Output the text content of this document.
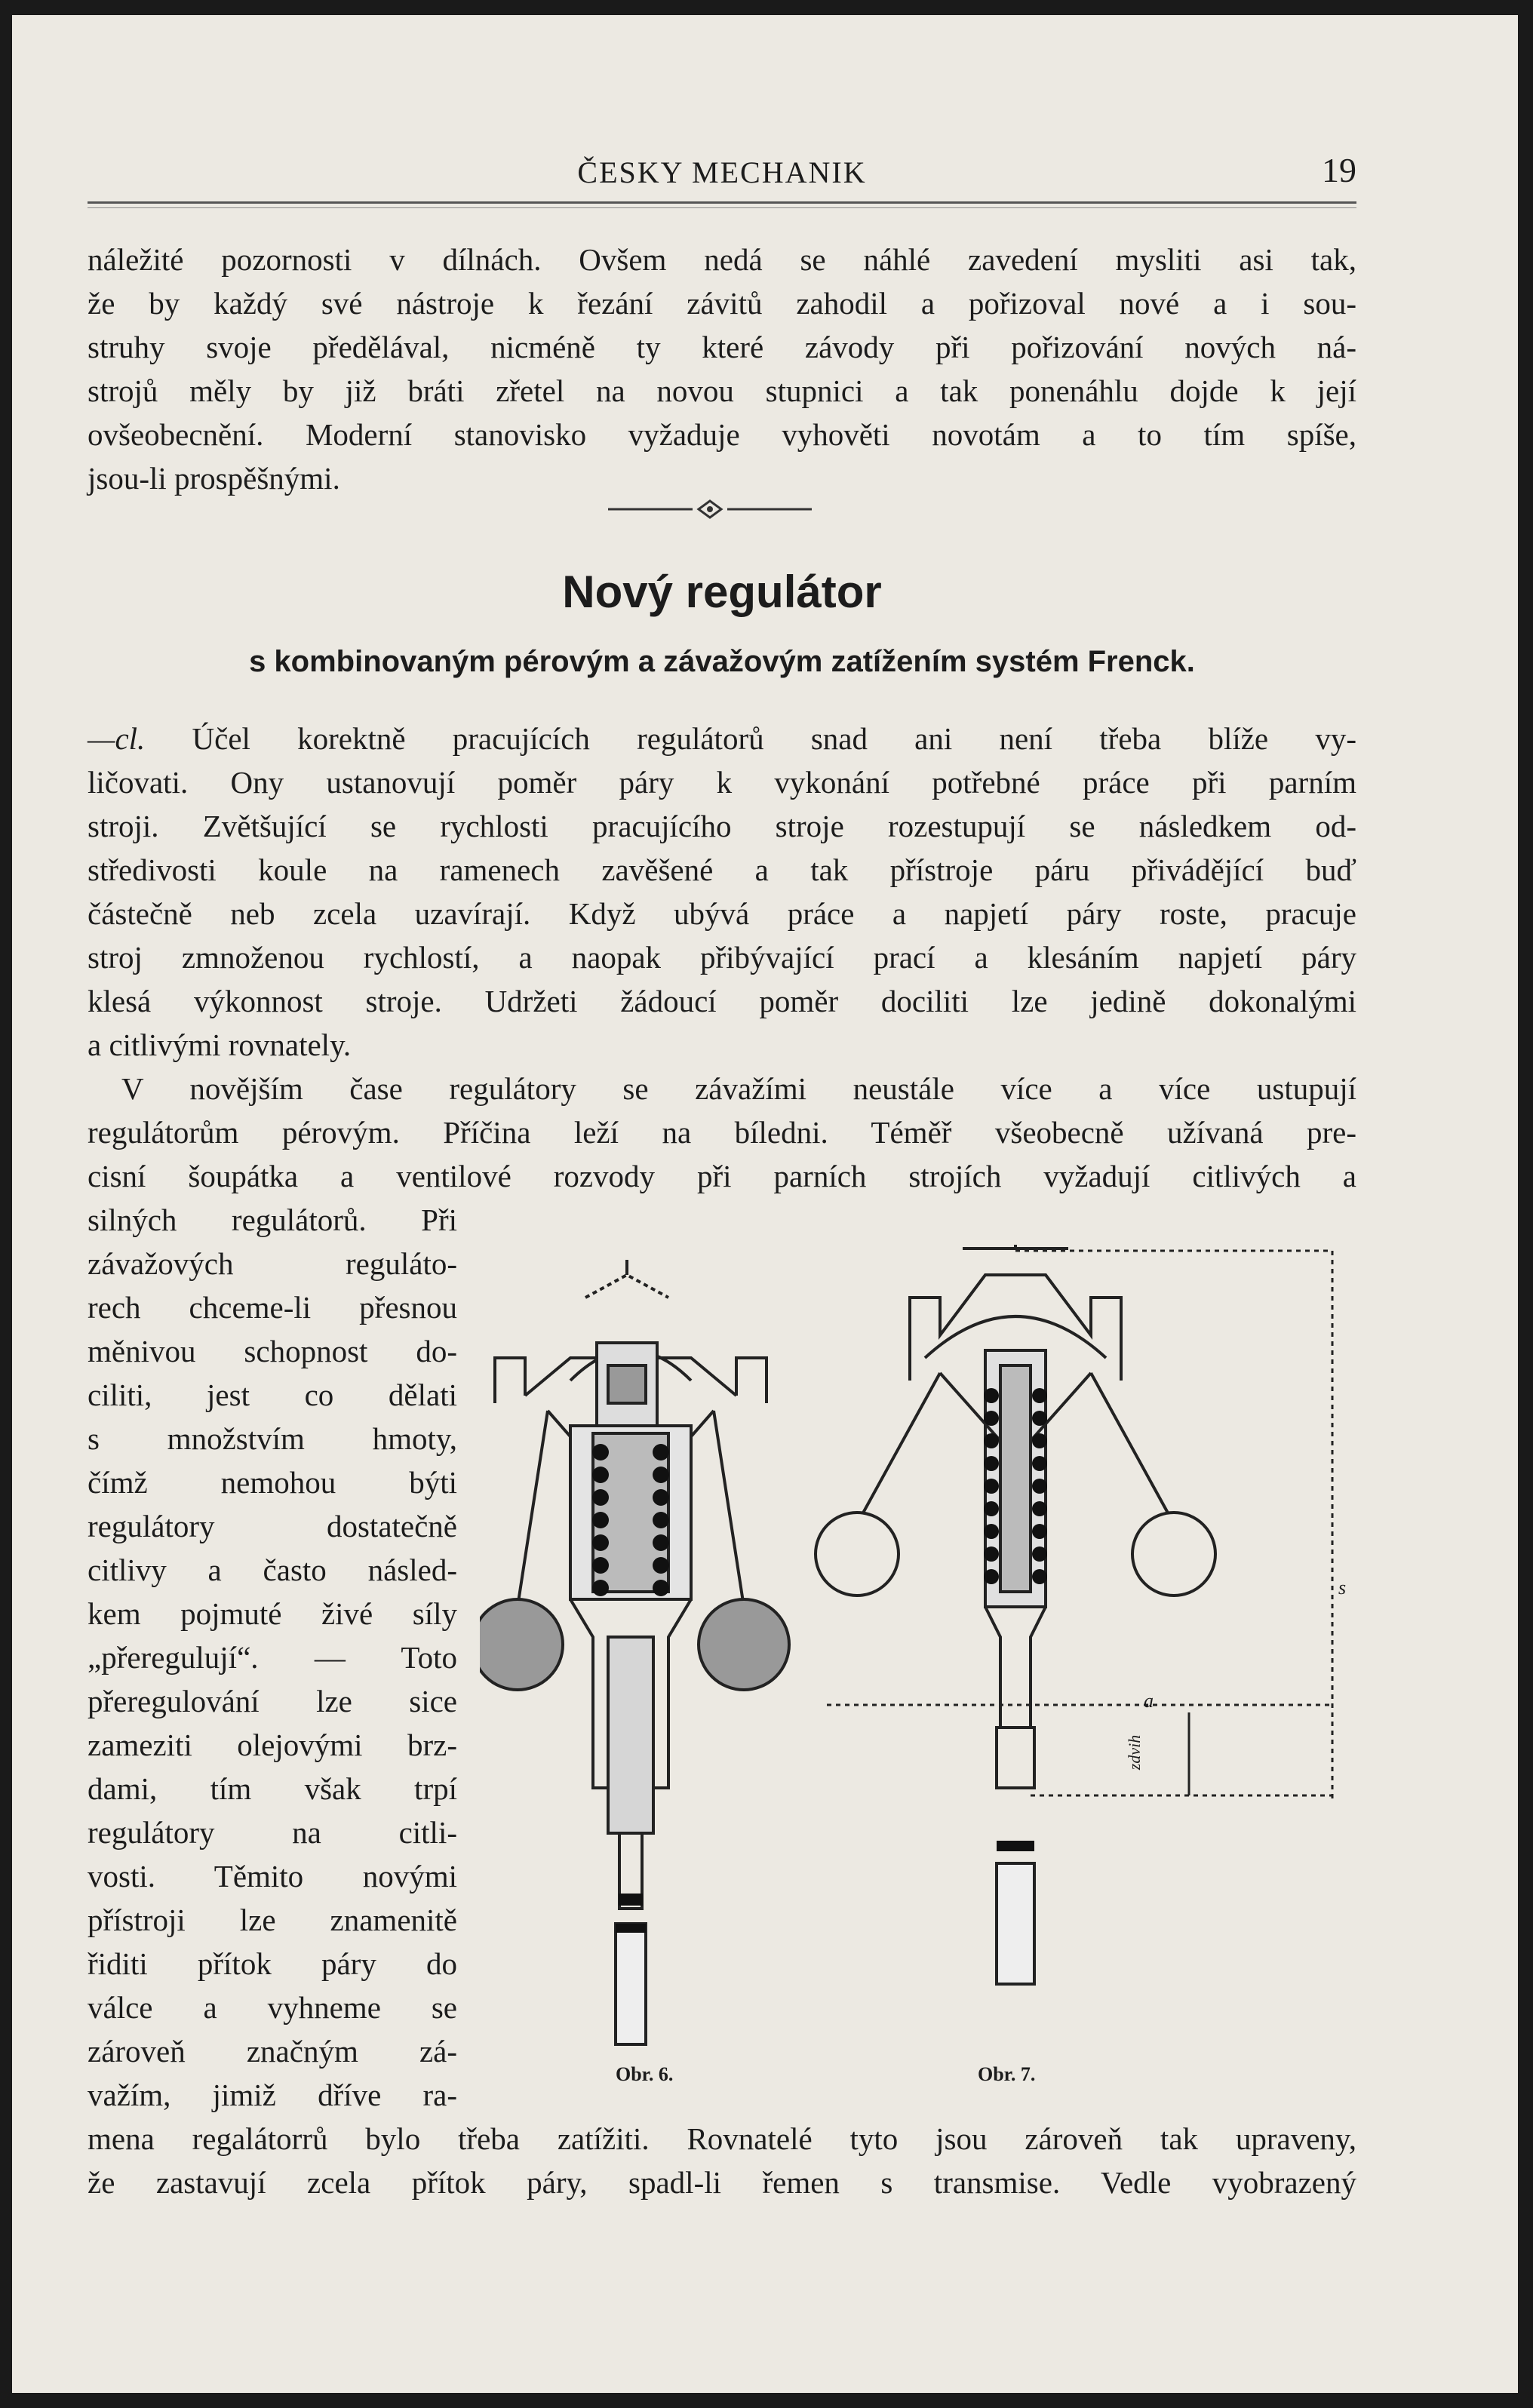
ČESKY MECHANIK	19

náležité pozornosti v dílnách. Ovšem nedá se náhlé zavedení mysliti asi tak,

že by každý své nástroje k řezání závitů zahodil a pořizoval nové a i sou-

struhy svoje předělával, nicméně ty které závody při pořizování nových ná-

strojů měly by již bráti zřetel na novou stupnici a tak ponenáhlu dojde k její

ovšeobecnění. Moderní stanovisko vyžaduje vyhověti novotám a to tím spíše,

jsou-li prospěšnými.

Nový regulátor
s kombinovaným pérovým a závažovým zatížením systém Frenck.

—cl. Účel korektně pracujících regulátorů snad ani není třeba blíže vy-

ličovati. Ony ustanovují poměr páry k vykonání potřebné práce při parním

stroji. Zvětšující se rychlosti pracujícího stroje rozestupují se následkem od-

středivosti koule na ramenech zavěšené a tak přístroje páru přivádějící buď

částečně neb zcela uzavírají. Když ubývá práce a napjetí páry roste, pracuje

stroj zmnoženou rychlostí, a naopak přibývající prací a klesáním napjetí páry

klesá výkonnost stroje. Udržeti žádoucí poměr dociliti lze jedině dokonalými

a citlivými rovnately.

V novějším čase regulátory se závažími neustále více a více ustupují

regulátorům pérovým. Příčina leží na bíledni. Téměř všeobecně užívaná pre-

cisní šoupátka a ventilové rozvody při parních strojích vyžadují citlivých a

silných regulátorů. Při

závažových reguláto-

rech chceme-li přesnou

měnivou schopnost do-

ciliti, jest co dělati

s množstvím hmoty,

čímž nemohou býti

regulátory dostatečně

citlivy a často násled-

kem pojmuté živé síly

„přeregulují“. — Toto

přeregulování lze sice

zameziti olejovými brz-

dami, tím však trpí

regulátory na citli-

vosti. Těmito novými

přístroji lze znamenitě

řiditi přítok páry do

válce a vyhneme se

zároveň značným zá-

važím, jimiž dříve ra-

mena regalátorrů bylo třeba zatížiti. Rovnatelé tyto jsou zároveň tak upraveny,

že zastavují zcela přítok páry, spadl-li řemen s transmise. Vedle vyobrazený

Obr. 6.
zdvih
s
a
Obr. 7.
